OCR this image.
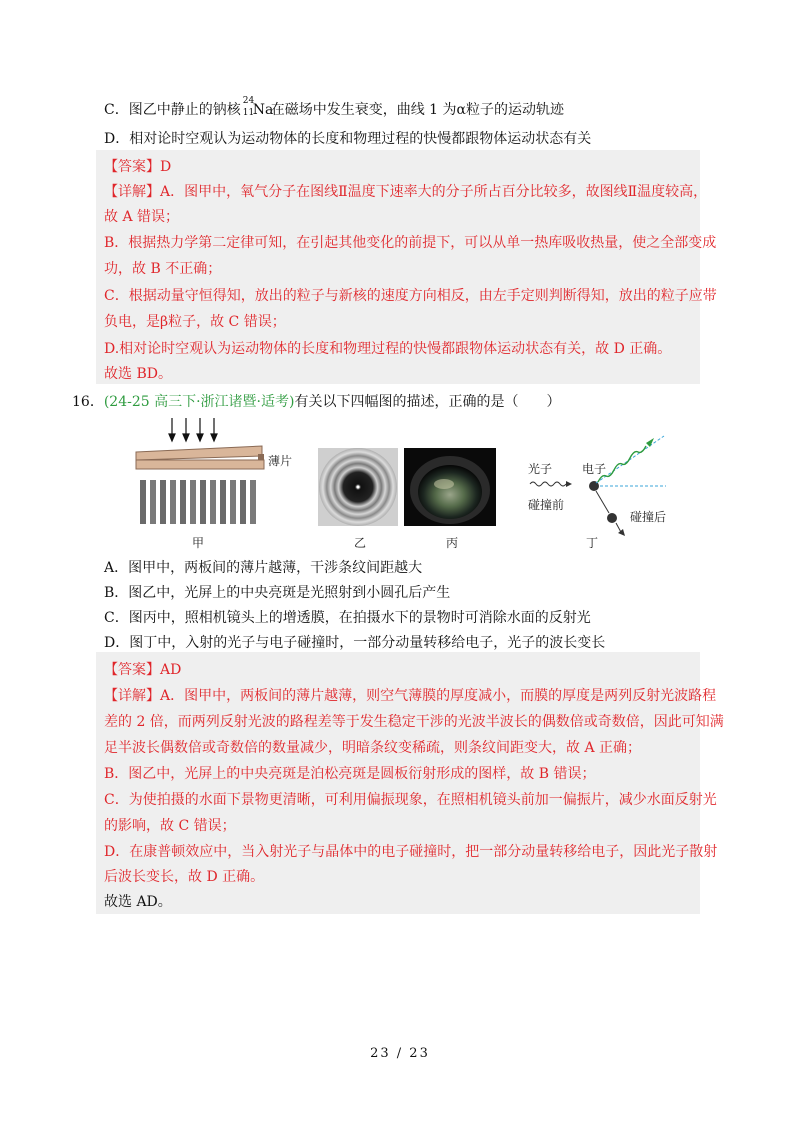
C．图乙中静止的钠核
24
11
Na
在磁场中发生衰变，曲线 1 为α粒子的运动轨迹
D．相对论时空观认为运动物体的长度和物理过程的快慢都跟物体运动状态有关
【答案】D
【详解】A．图甲中，氧气分子在图线Ⅱ温度下速率大的分子所占百分比较多，故图线Ⅱ温度较高，
故 A 错误；
B．根据热力学第二定律可知，在引起其他变化的前提下，可以从单一热库吸收热量，使之全部变成
功，故 B 不正确；
C．根据动量守恒得知，放出的粒子与新核的速度方向相反，由左手定则判断得知，放出的粒子应带
负电，是β粒子，故 C 错误；
D.相对论时空观认为运动物体的长度和物理过程的快慢都跟物体运动状态有关，故 D 正确。
故选 BD。
16．(24-25 高三下·浙江诸暨·适考)有关以下四幅图的描述，正确的是（　　）
薄片
甲	乙	丙
光子 电子
碰撞前
碰撞后
丁
A．图甲中，两板间的薄片越薄，干涉条纹间距越大
B．图乙中，光屏上的中央亮斑是光照射到小圆孔后产生
C．图丙中，照相机镜头上的增透膜，在拍摄水下的景物时可消除水面的反射光
D．图丁中，入射的光子与电子碰撞时，一部分动量转移给电子，光子的波长变长
【答案】AD
【详解】A．图甲中，两板间的薄片越薄，则空气薄膜的厚度减小，而膜的厚度是两列反射光波路程
差的 2 倍，而两列反射光波的路程差等于发生稳定干涉的光波半波长的偶数倍或奇数倍，因此可知满
足半波长偶数倍或奇数倍的数量减少，明暗条纹变稀疏，则条纹间距变大，故 A 正确；
B．图乙中，光屏上的中央亮斑是泊松亮斑是圆板衍射形成的图样，故 B 错误；
C．为使拍摄的水面下景物更清晰，可利用偏振现象，在照相机镜头前加一偏振片，减少水面反射光
的影响，故 C 错误；
D．在康普顿效应中，当入射光子与晶体中的电子碰撞时，把一部分动量转移给电子，因此光子散射
后波长变长，故 D 正确。
故选 AD。
23 / 23
